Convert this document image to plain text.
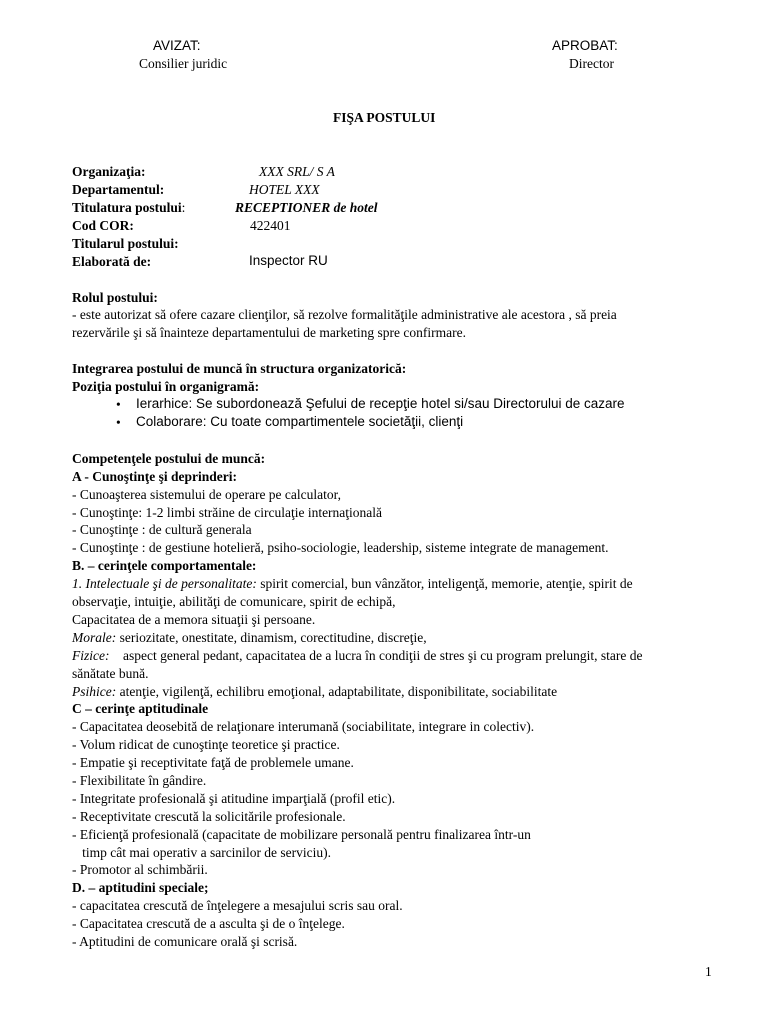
AVIZAT:
Consilier juridic
APROBAT:
Director
FIŞA POSTULUI
Organizaţia:	XXX SRL/ S A
Departamentul:	HOTEL XXX
Titulatura postului:	RECEPTIONER de hotel
Cod COR:	422401
Titularul postului:
Elaborată de:	Inspector RU
Rolul postului:
- este autorizat să ofere cazare clienţilor, să rezolve formalităţile administrative ale acestora , să preia
rezervările şi să înainteze departamentului de marketing spre confirmare.
Integrarea postului de muncă în structura organizatorică:
Poziţia postului în organigramă:
• Ierarhice: Se subordonează Şefului de recepţie hotel si/sau Directorului de cazare
• Colaborare: Cu toate compartimentele societăţii, clienţi
Competenţele postului de muncă:
A - Cunoştinţe şi deprinderi:
- Cunoaşterea sistemului de operare pe calculator,
- Cunoştinţe: 1-2 limbi străine de circulaţie internaţională
- Cunoştinţe : de cultură generala
- Cunoştinţe : de gestiune hotelieră, psiho-sociologie, leadership, sisteme integrate de management.
B. – cerinţele comportamentale:
1. Intelectuale şi de personalitate: spirit comercial, bun vânzător, inteligenţă, memorie, atenţie, spirit de
observaţie, intuiţie, abilităţi de comunicare, spirit de echipă,
Capacitatea de a memora situaţii şi persoane.
Morale: seriozitate, onestitate, dinamism, corectitudine, discreţie,
Fizice:    aspect general pedant, capacitatea de a lucra în condiţii de stres şi cu program prelungit, stare de
sănătate bună.
Psihice: atenţie, vigilenţă, echilibru emoţional, adaptabilitate, disponibilitate, sociabilitate
C – cerinţe aptitudinale
- Capacitatea deosebită de relaţionare interumană (sociabilitate, integrare in colectiv).
- Volum ridicat de cunoştinţe teoretice şi practice.
- Empatie şi receptivitate faţă de problemele umane.
- Flexibilitate în gândire.
- Integritate profesională şi atitudine imparţială (profil etic).
- Receptivitate crescută la solicitările profesionale.
- Eficienţă profesională (capacitate de mobilizare personală pentru finalizarea într-un
timp cât mai operativ a sarcinilor de serviciu).
- Promotor al schimbării.
D. – aptitudini speciale;
- capacitatea crescută de înţelegere a mesajului scris sau oral.
- Capacitatea crescută de a asculta şi de o înţelege.
- Aptitudini de comunicare orală şi scrisă.
1
